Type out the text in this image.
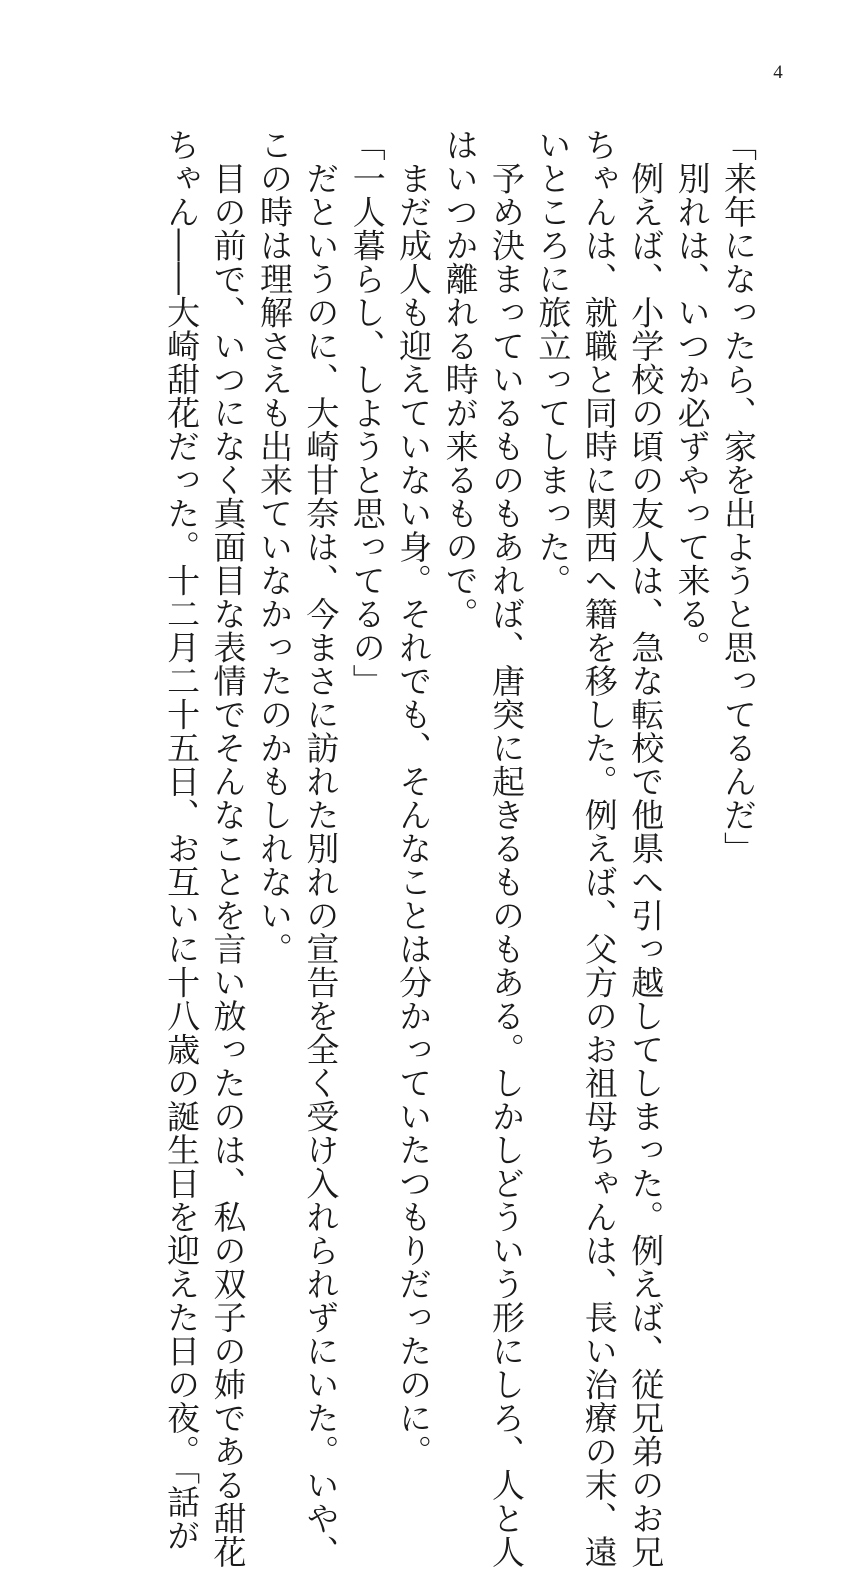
4
「来年になったら、家を出ようと思ってるんだ」
　別れは、いつか必ずやって来る。
　例えば、小学校の頃の友人は、急な転校で他県へ引っ越してしまった。例えば、従兄弟のお兄
ちゃんは、就職と同時に関西へ籍を移した。例えば、父方のお祖母ちゃんは、長い治療の末、遠
いところに旅立ってしまった。
　予め決まっているものもあれば、唐突に起きるものもある。しかしどういう形にしろ、人と人
はいつか離れる時が来るもので。
　まだ成人も迎えていない身。それでも、そんなことは分かっていたつもりだったのに。
「一人暮らし、しようと思ってるの」
　だというのに、大崎甘奈は、今まさに訪れた別れの宣告を全く受け入れられずにいた。いや、
この時は理解さえも出来ていなかったのかもしれない。
　目の前で、いつになく真面目な表情でそんなことを言い放ったのは、私の双子の姉である甜花
ちゃん――大崎甜花だった。十二月二十五日、お互いに十八歳の誕生日を迎えた日の夜。「話が
